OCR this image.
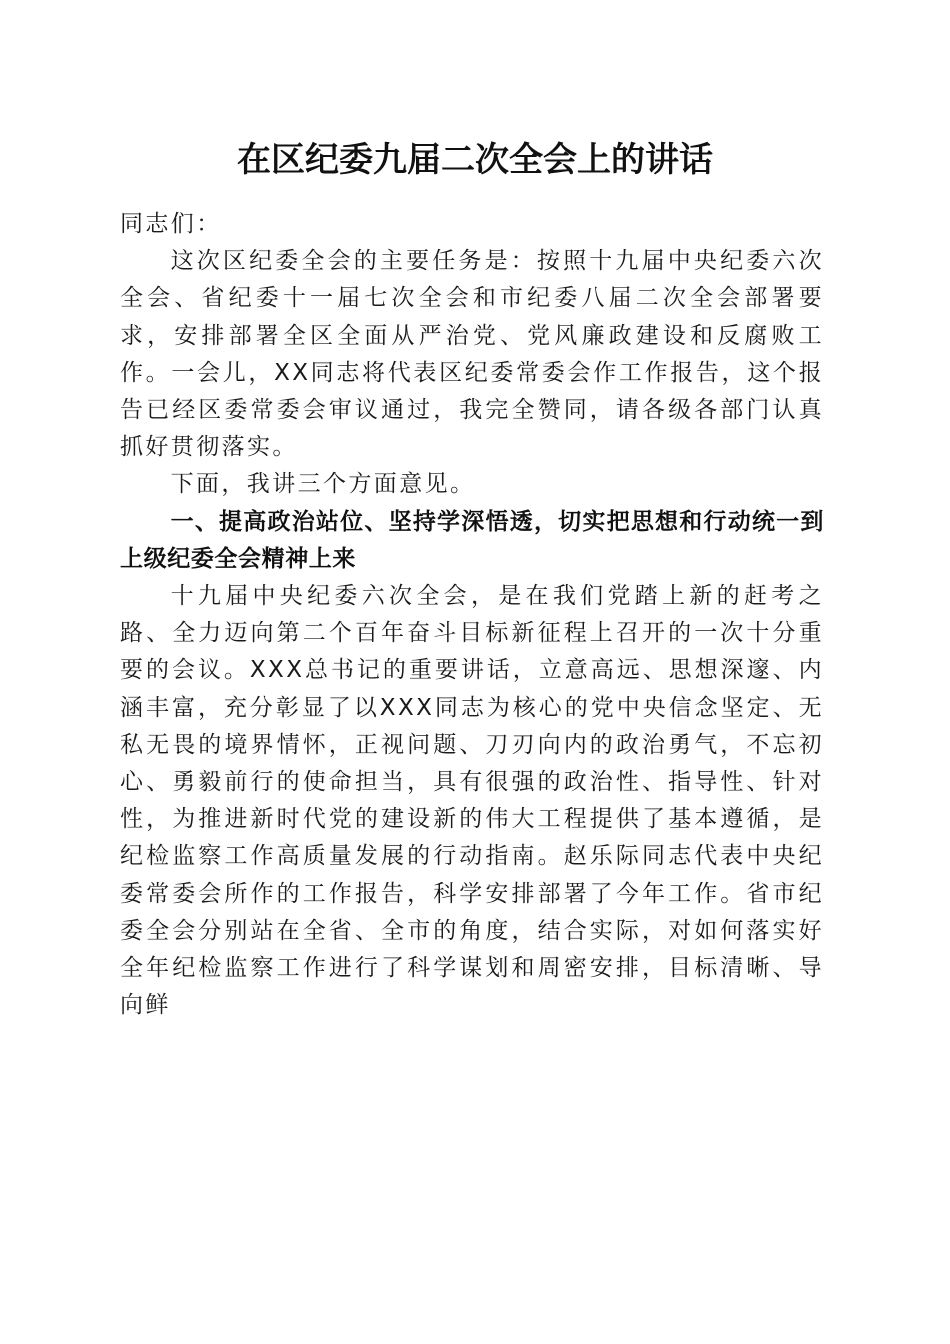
在区纪委九届二次全会上的讲话

同志们：

这次区纪委全会的主要任务是：按照十九届中央纪委六次全会、省纪委十一届七次全会和市纪委八届二次全会部署要求，安排部署全区全面从严治党、党风廉政建设和反腐败工作。一会儿，XX同志将代表区纪委常委会作工作报告，这个报告已经区委常委会审议通过，我完全赞同，请各级各部门认真抓好贯彻落实。

下面，我讲三个方面意见。

一、提高政治站位、坚持学深悟透，切实把思想和行动统一到上级纪委全会精神上来

十九届中央纪委六次全会，是在我们党踏上新的赶考之路、全力迈向第二个百年奋斗目标新征程上召开的一次十分重要的会议。XXX总书记的重要讲话，立意高远、思想深邃、内涵丰富，充分彰显了以XXX同志为核心的党中央信念坚定、无私无畏的境界情怀，正视问题、刀刃向内的政治勇气，不忘初心、勇毅前行的使命担当，具有很强的政治性、指导性、针对性，为推进新时代党的建设新的伟大工程提供了基本遵循，是纪检监察工作高质量发展的行动指南。赵乐际同志代表中央纪委常委会所作的工作报告，科学安排部署了今年工作。省市纪委全会分别站在全省、全市的角度，结合实际，对如何落实好全年纪检监察工作进行了科学谋划和周密安排，目标清晰、导向鲜
